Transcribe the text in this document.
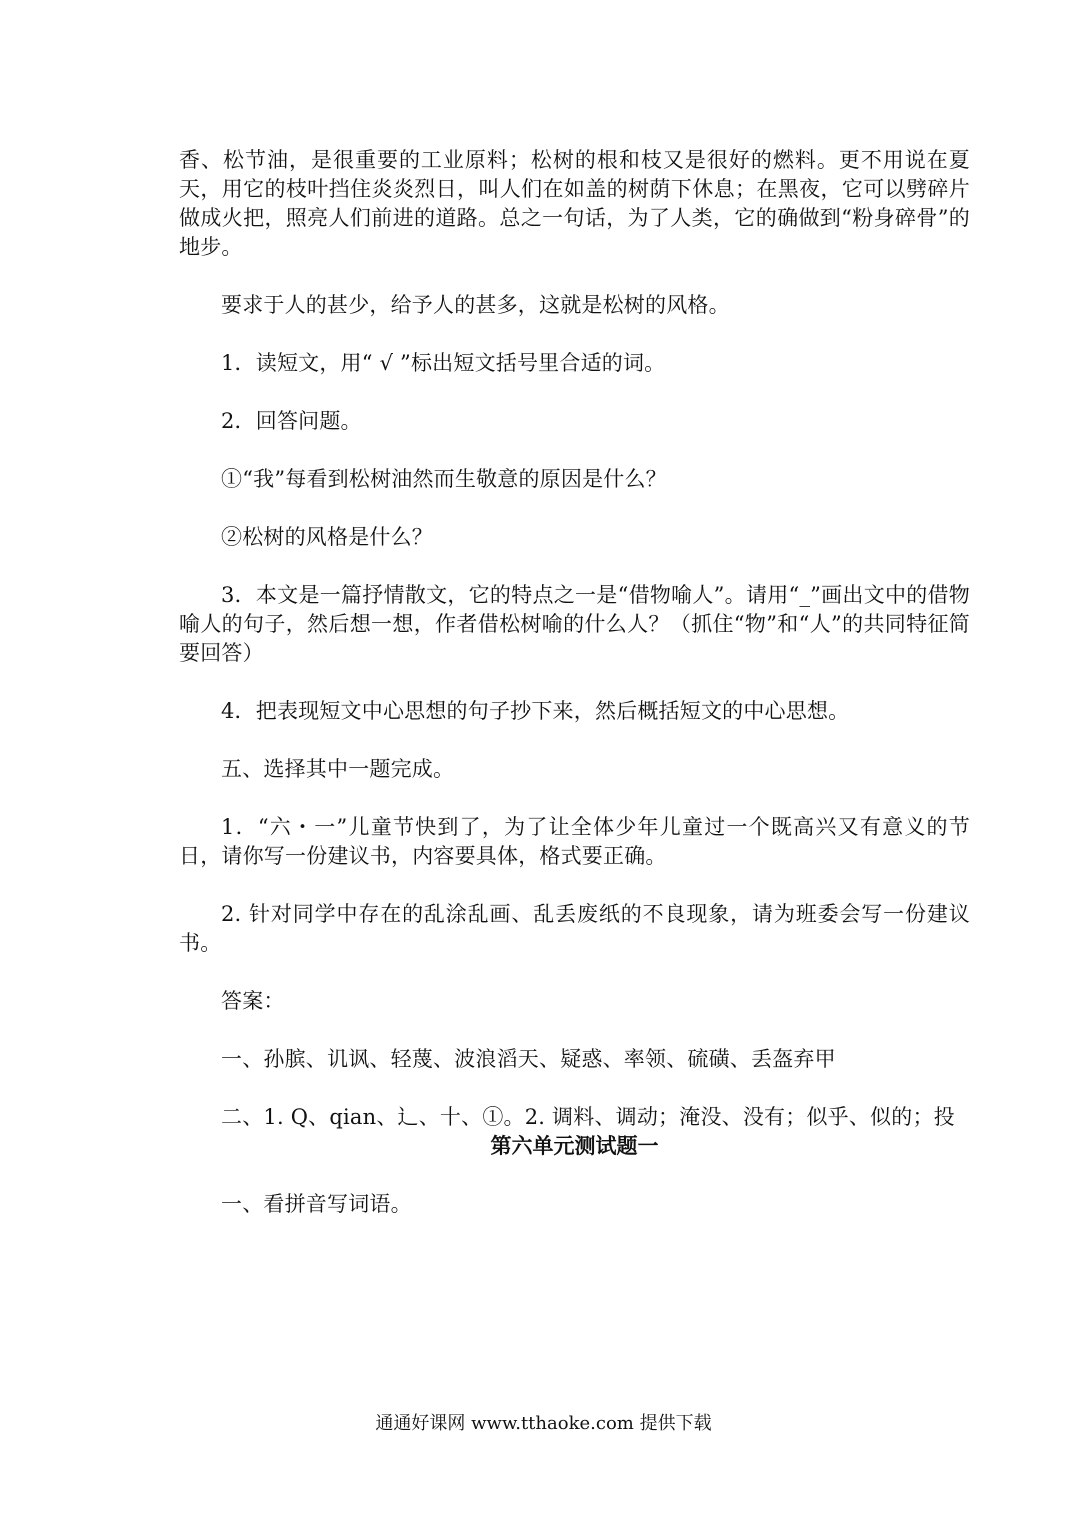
香、松节油，是很重要的工业原料；松树的根和枝又是很好的燃料。更不用说在夏天，用它的枝叶挡住炎炎烈日，叫人们在如盖的树荫下休息；在黑夜，它可以劈碎片做成火把，照亮人们前进的道路。总之一句话，为了人类，它的确做到“粉身碎骨”的地步。

要求于人的甚少，给予人的甚多，这就是松树的风格。

1．读短文，用“ √ ”标出短文括号里合适的词。

2．回答问题。

①“我”每看到松树油然而生敬意的原因是什么？

②松树的风格是什么？

3．本文是一篇抒情散文，它的特点之一是“借物喻人”。请用“_”画出文中的借物喻人的句子，然后想一想，作者借松树喻的什么人？（抓住“物”和“人”的共同特征简要回答）

4．把表现短文中心思想的句子抄下来，然后概括短文的中心思想。

五、选择其中一题完成。

1．“六・一”儿童节快到了，为了让全体少年儿童过一个既高兴又有意义的节日，请你写一份建议书，内容要具体，格式要正确。

2. 针对同学中存在的乱涂乱画、乱丢废纸的不良现象，请为班委会写一份建议书。

答案：

一、孙膑、讥讽、轻蔑、波浪滔天、疑惑、率领、硫磺、丢盔弃甲

二、1. Q、qian、辶、十、①。2. 调料、调动；淹没、没有；似乎、似的；投

第六单元测试题一

一、看拼音写词语。

通通好课网 www.tthaoke.com 提供下载
